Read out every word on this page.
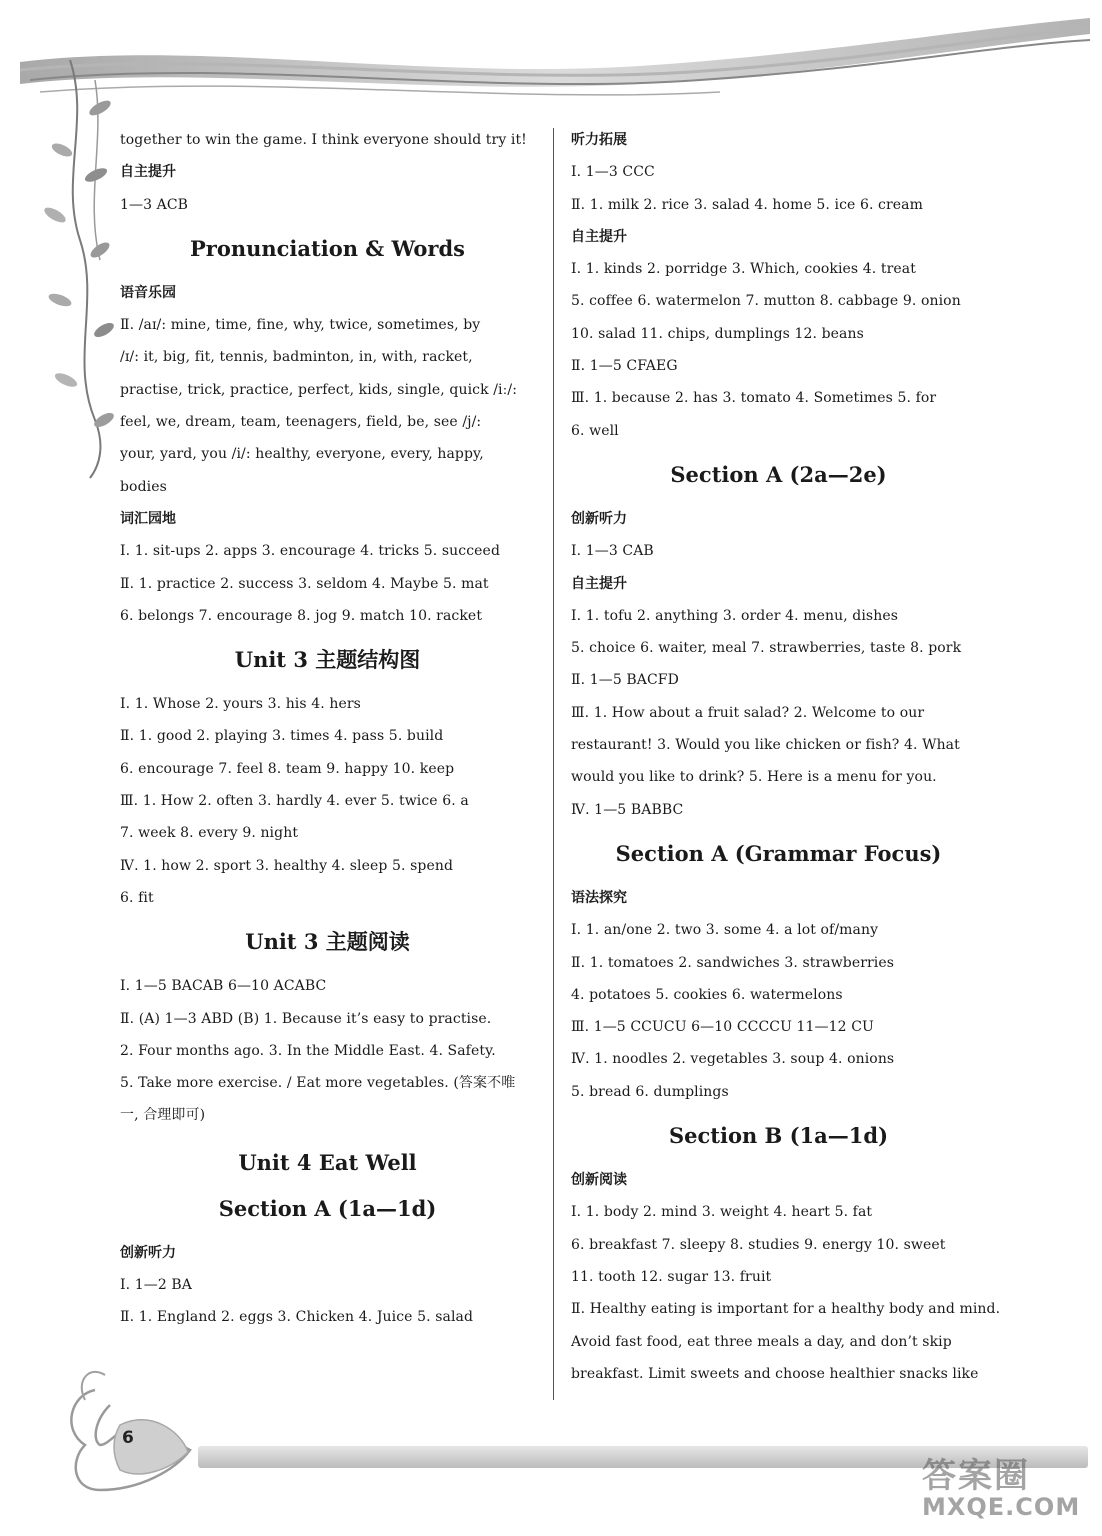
together to win the game. I think everyone should try it!
自主提升
1—3 ACB
Pronunciation & Words
语音乐园
Ⅱ. /aɪ/: mine, time, fine, why, twice, sometimes, by
/ɪ/: it, big, fit, tennis, badminton, in, with, racket,
practise, trick, practice, perfect, kids, single, quick /iː/:
feel, we, dream, team, teenagers, field, be, see /j/:
your, yard, you /i/: healthy, everyone, every, happy,
bodies
词汇园地
Ⅰ. 1. sit-ups 2. apps 3. encourage 4. tricks 5. succeed
Ⅱ. 1. practice 2. success 3. seldom 4. Maybe 5. mat
6. belongs 7. encourage 8. jog 9. match 10. racket
Unit 3 主题结构图
Ⅰ. 1. Whose 2. yours 3. his 4. hers
Ⅱ. 1. good 2. playing 3. times 4. pass 5. build
6. encourage 7. feel 8. team 9. happy 10. keep
Ⅲ. 1. How 2. often 3. hardly 4. ever 5. twice 6. a
7. week 8. every 9. night
Ⅳ. 1. how 2. sport 3. healthy 4. sleep 5. spend
6. fit
Unit 3 主题阅读
Ⅰ. 1—5 BACAB 6—10 ACABC
Ⅱ. (A) 1—3 ABD (B) 1. Because it’s easy to practise.
2. Four months ago. 3. In the Middle East. 4. Safety.
5. Take more exercise. / Eat more vegetables. (答案不唯
一, 合理即可)
Unit 4 Eat Well
Section A (1a—1d)
创新听力
Ⅰ. 1—2 BA
Ⅱ. 1. England 2. eggs 3. Chicken 4. Juice 5. salad
听力拓展
Ⅰ. 1—3 CCC
Ⅱ. 1. milk 2. rice 3. salad 4. home 5. ice 6. cream
自主提升
Ⅰ. 1. kinds 2. porridge 3. Which, cookies 4. treat
5. coffee 6. watermelon 7. mutton 8. cabbage 9. onion
10. salad 11. chips, dumplings 12. beans
Ⅱ. 1—5 CFAEG
Ⅲ. 1. because 2. has 3. tomato 4. Sometimes 5. for
6. well
Section A (2a—2e)
创新听力
Ⅰ. 1—3 CAB
自主提升
Ⅰ. 1. tofu 2. anything 3. order 4. menu, dishes
5. choice 6. waiter, meal 7. strawberries, taste 8. pork
Ⅱ. 1—5 BACFD
Ⅲ. 1. How about a fruit salad? 2. Welcome to our
restaurant! 3. Would you like chicken or fish? 4. What
would you like to drink? 5. Here is a menu for you.
Ⅳ. 1—5 BABBC
Section A (Grammar Focus)
语法探究
Ⅰ. 1. an/one 2. two 3. some 4. a lot of/many
Ⅱ. 1. tomatoes 2. sandwiches 3. strawberries
4. potatoes 5. cookies 6. watermelons
Ⅲ. 1—5 CCUCU 6—10 CCCCU 11—12 CU
Ⅳ. 1. noodles 2. vegetables 3. soup 4. onions
5. bread 6. dumplings
Section B (1a—1d)
创新阅读
Ⅰ. 1. body 2. mind 3. weight 4. heart 5. fat
6. breakfast 7. sleepy 8. studies 9. energy 10. sweet
11. tooth 12. sugar 13. fruit
Ⅱ. Healthy eating is important for a healthy body and mind.
Avoid fast food, eat three meals a day, and don’t skip
breakfast. Limit sweets and choose healthier snacks like
6
答案圈
MXQE.COM
